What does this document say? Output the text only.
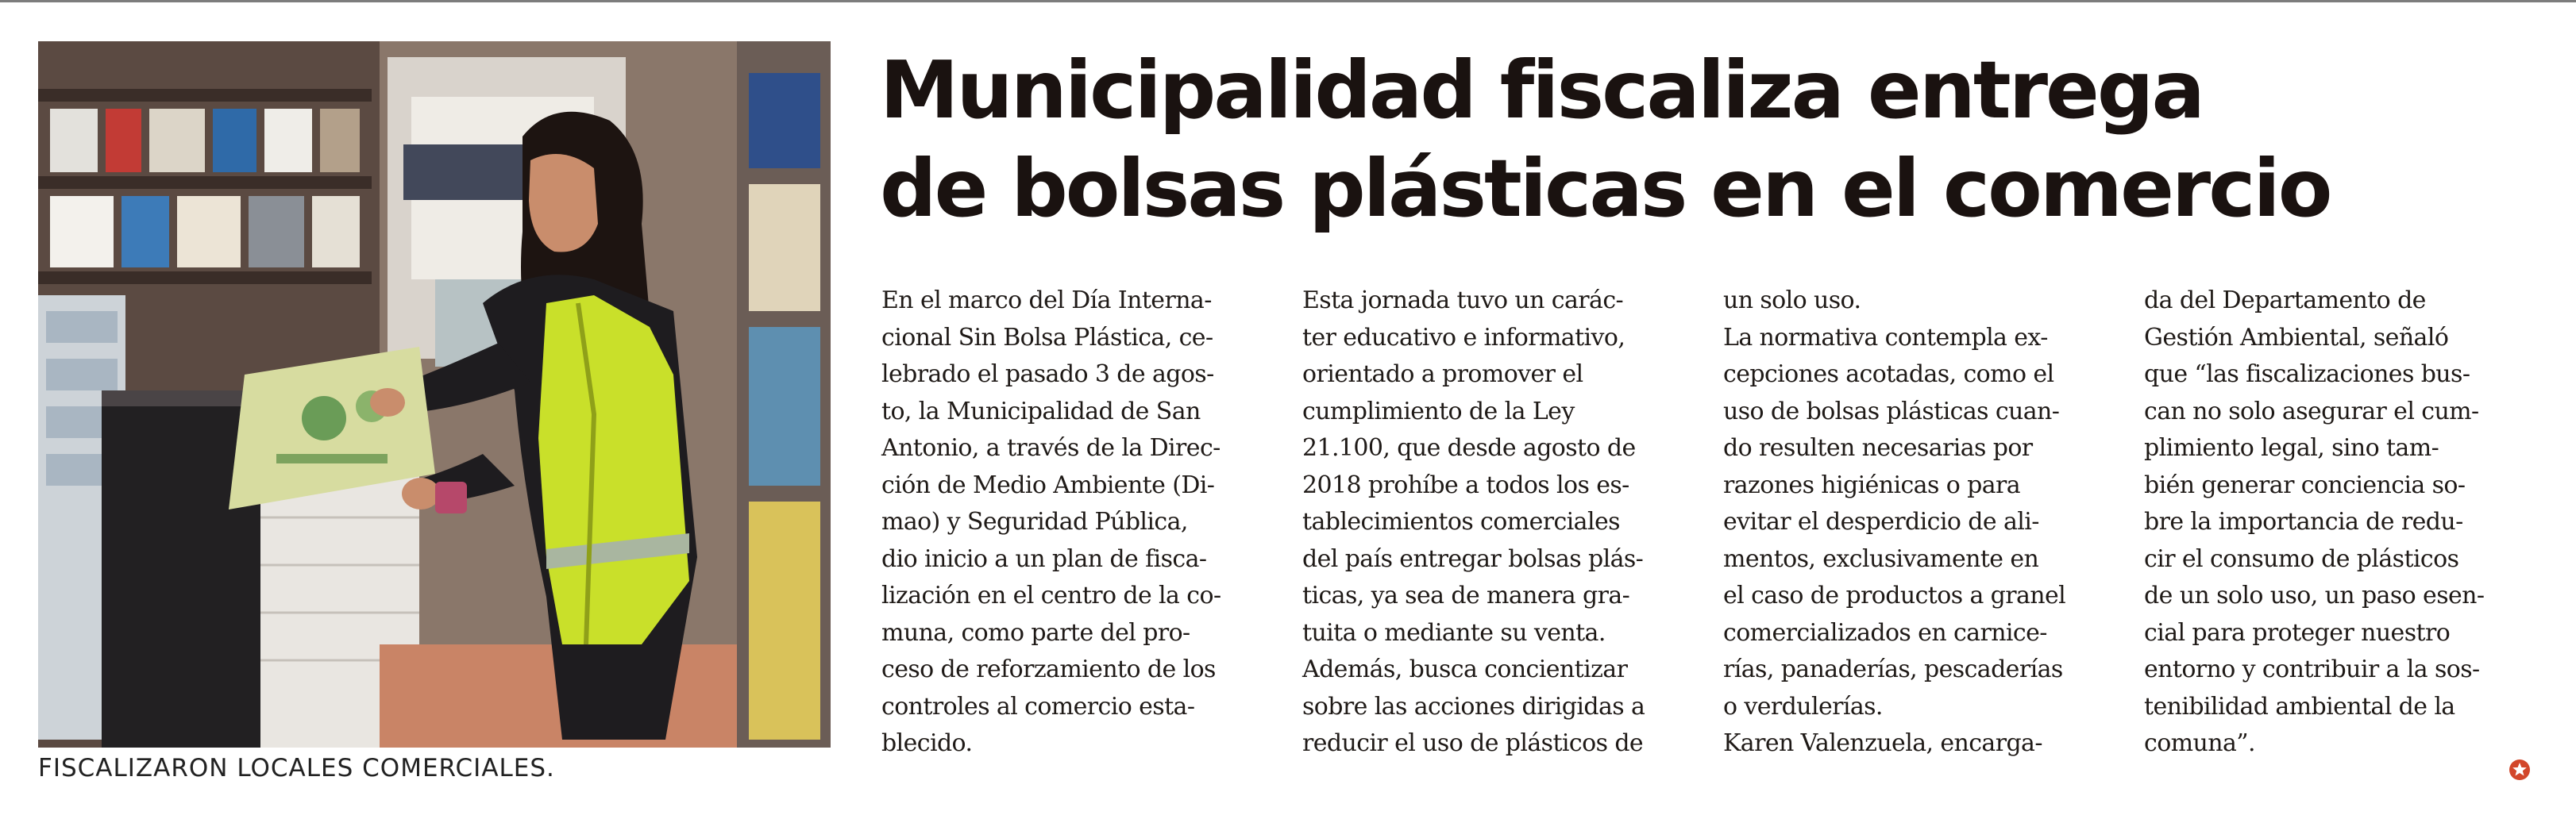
FISCALIZARON LOCALES COMERCIALES.
Municipalidad fiscaliza entrega
de bolsas plásticas en el comercio
En el marco del Día Interna-
cional Sin Bolsa Plástica, ce-
lebrado el pasado 3 de agos-
to, la Municipalidad de San
Antonio, a través de la Direc-
ción de Medio Ambiente (Di-
mao) y Seguridad Pública,
dio inicio a un plan de fisca-
lización en el centro de la co-
muna, como parte del pro-
ceso de reforzamiento de los
controles al comercio esta-
blecido.
Esta jornada tuvo un carác-
ter educativo e informativo,
orientado a promover el
cumplimiento de la Ley
21.100, que desde agosto de
2018 prohíbe a todos los es-
tablecimientos comerciales
del país entregar bolsas plás-
ticas, ya sea de manera gra-
tuita o mediante su venta.
Además, busca concientizar
sobre las acciones dirigidas a
reducir el uso de plásticos de
un solo uso.
La normativa contempla ex-
cepciones acotadas, como el
uso de bolsas plásticas cuan-
do resulten necesarias por
razones higiénicas o para
evitar el desperdicio de ali-
mentos, exclusivamente en
el caso de productos a granel
comercializados en carnice-
rías, panaderías, pescaderías
o verdulerías.
Karen Valenzuela, encarga-
da del Departamento de
Gestión Ambiental, señaló
que “las fiscalizaciones bus-
can no solo asegurar el cum-
plimiento legal, sino tam-
bién generar conciencia so-
bre la importancia de redu-
cir el consumo de plásticos
de un solo uso, un paso esen-
cial para proteger nuestro
entorno y contribuir a la sos-
tenibilidad ambiental de la
comuna”.
